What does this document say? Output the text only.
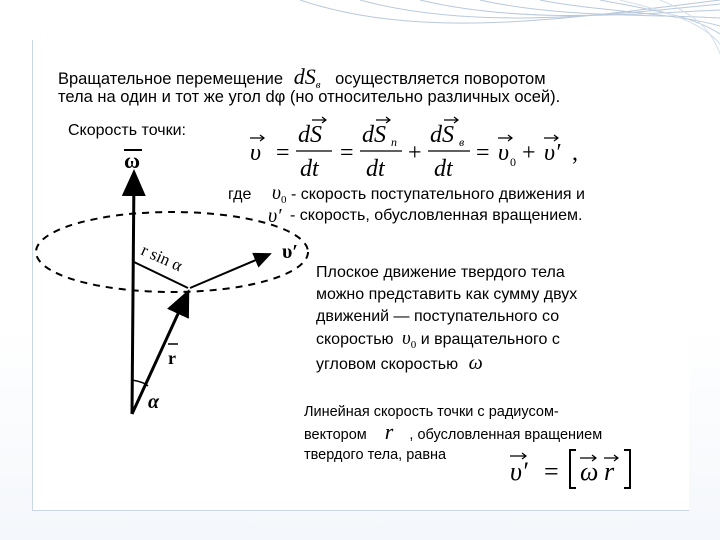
Вращательное перемещение dSв осуществляется поворотом
тела на один и тот же угол dφ (но относительно различных осей).
Скорость точки:
υ =
dS
dt
=
dS п
dt
+
dS в
dt
= υ 0 + υ′ ,
где $\upsilon_0$ - скорость поступательного движения и
υ′ - скорость, обусловленная вращением.
ω
r sin α	υ′
r
α
Плоское движение твердого тела
можно представить как сумму двух
движений — поступательного со
скоростью $\upsilon_0$ и вращательного с
угловом скоростью ω
Линейная скорость точки с радиусом-
вектором r , обусловленная вращением
твердого тела, равна
υ′ = ω r
